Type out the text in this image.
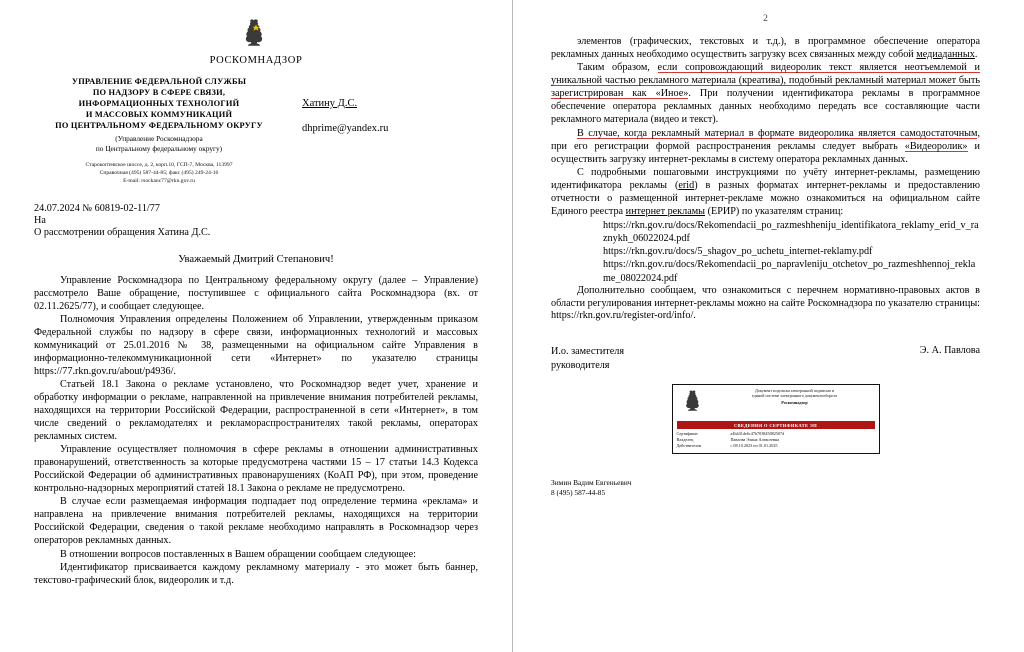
РОСКОМНАДЗОР
УПРАВЛЕНИЕ ФЕДЕРАЛЬНОЙ СЛУЖБЫ
ПО НАДЗОРУ В СФЕРЕ СВЯЗИ,
ИНФОРМАЦИОННЫХ ТЕХНОЛОГИЙ
И МАССОВЫХ КОММУНИКАЦИЙ
ПО ЦЕНТРАЛЬНОМУ ФЕДЕРАЛЬНОМУ ОКРУГУ
(Управление Роскомнадзора
по Центральному федеральному округу)
Старокоптевское шоссе, д. 2, корп.10, ГСП-7, Москва, 113997
Справочная (495) 587-44-85; факс (495) 249-24-16
E-mail: rsockanc77@rkn.gov.ru
Хатину Д.С.
dhprime@yandex.ru
24.07.2024 № 60819-02-11/77
На
О рассмотрении обращения Хатина Д.С.
Уважаемый Дмитрий Степанович!

Управление Роскомнадзора по Центральному федеральному округу (далее – Управление) рассмотрело Ваше обращение, поступившее с официального сайта Роскомнадзора (вх. от 02.11.2625/77), и сообщает следующее.

Полномочия Управления определены Положением об Управлении, утвержденным приказом Федеральной службы по надзору в сфере связи, информационных технологий и массовых коммуникаций от 25.01.2016 № 38, размещенными на официальном сайте Управления в информационно-телекоммуникационной сети «Интернет» по указателю страницы https://77.rkn.gov.ru/about/p4936/.

Статьей 18.1 Закона о рекламе установлено, что Роскомнадзор ведет учет, хранение и обработку информации о рекламе, направленной на привлечение внимания потребителей рекламы, находящихся на территории Российской Федерации, распространенной в сети «Интернет», в том числе сведений о рекламодателях и рекламораспространителях такой рекламы, операторах рекламных систем.

Управление осуществляет полномочия в сфере рекламы в отношении административных правонарушений, ответственность за которые предусмотрена частями 15 – 17 статьи 14.3 Кодекса Российской Федерации об административных правонарушениях (КоАП РФ), при этом, проведение контрольно-надзорных мероприятий статей 18.1 Закона о рекламе не предусмотрено.

В случае если размещаемая информация подпадает под определение термина «реклама» и направлена на привлечение внимания потребителей рекламы, находящихся на территории Российской Федерации, сведения о такой рекламе необходимо направлять в Роскомнадзор через операторов рекламных данных.

В отношении вопросов поставленных в Вашем обращении сообщаем следующее:

Идентификатор присваивается каждому рекламному материалу - это может быть баннер, текстово-графический блок, видеоролик и т.д.

2

элементов (графических, текстовых и т.д.), в программное обеспечение оператора рекламных данных необходимо осуществить загрузку всех связанных между собой медиаданных.

Таким образом, если сопровождающий видеоролик текст является неотъемлемой и уникальной частью рекламного материала (креатива), подобный рекламный материал может быть зарегистрирован как «Иное». При получении идентификатора рекламы в программное обеспечение оператора рекламных данных необходимо передать все составляющие части рекламного материала (видео и текст).

В случае, когда рекламный материал в формате видеоролика является самодостаточным, при его регистрации формой распространения рекламы следует выбрать «Видеоролик» и осуществить загрузку интернет-рекламы в систему оператора рекламных данных.

С подробными пошаговыми инструкциями по учёту интернет-рекламы, размещению идентификатора рекламы (erid) в разных форматах интернет-рекламы и предоставлению отчетности о размещенной интернет-рекламе можно ознакомиться на официальном сайте Единого реестра интернет рекламы (ЕРИР) по указателям страниц:

https://rkn.gov.ru/docs/Rekomendacii_po_razmeshheniju_identifikatora_reklamy_erid_v_raznykh_06022024.pdf

https://rkn.gov.ru/docs/5_shagov_po_uchetu_internet-reklamy.pdf

https://rkn.gov.ru/docs/Rekomendacii_po_napravleniju_otchetov_po_razmeshhennoj_reklame_08022024.pdf

Дополнительно сообщаем, что ознакомиться с перечнем нормативно-правовых актов в области регулирования интернет-рекламы можно на сайте Роскомнадзора по указателю страницы: https://rkn.gov.ru/register-ord/info/.

И.о. заместителя
руководителя
Э. А. Павлова
Документ подписан электронной подписью в
единой системе электронного документооборота
Роскомнадзор
СВЕДЕНИЯ О СЕРТИФИКАТЕ ЭП
Сертификат	a4b441de6c47b703845082507d
Владелец	Павлова Элина Алексеевна
Действителен	с 08.10.2023 по 01.01.2025
Зимин Вадим Евгеньевич
8 (495) 587-44-85
